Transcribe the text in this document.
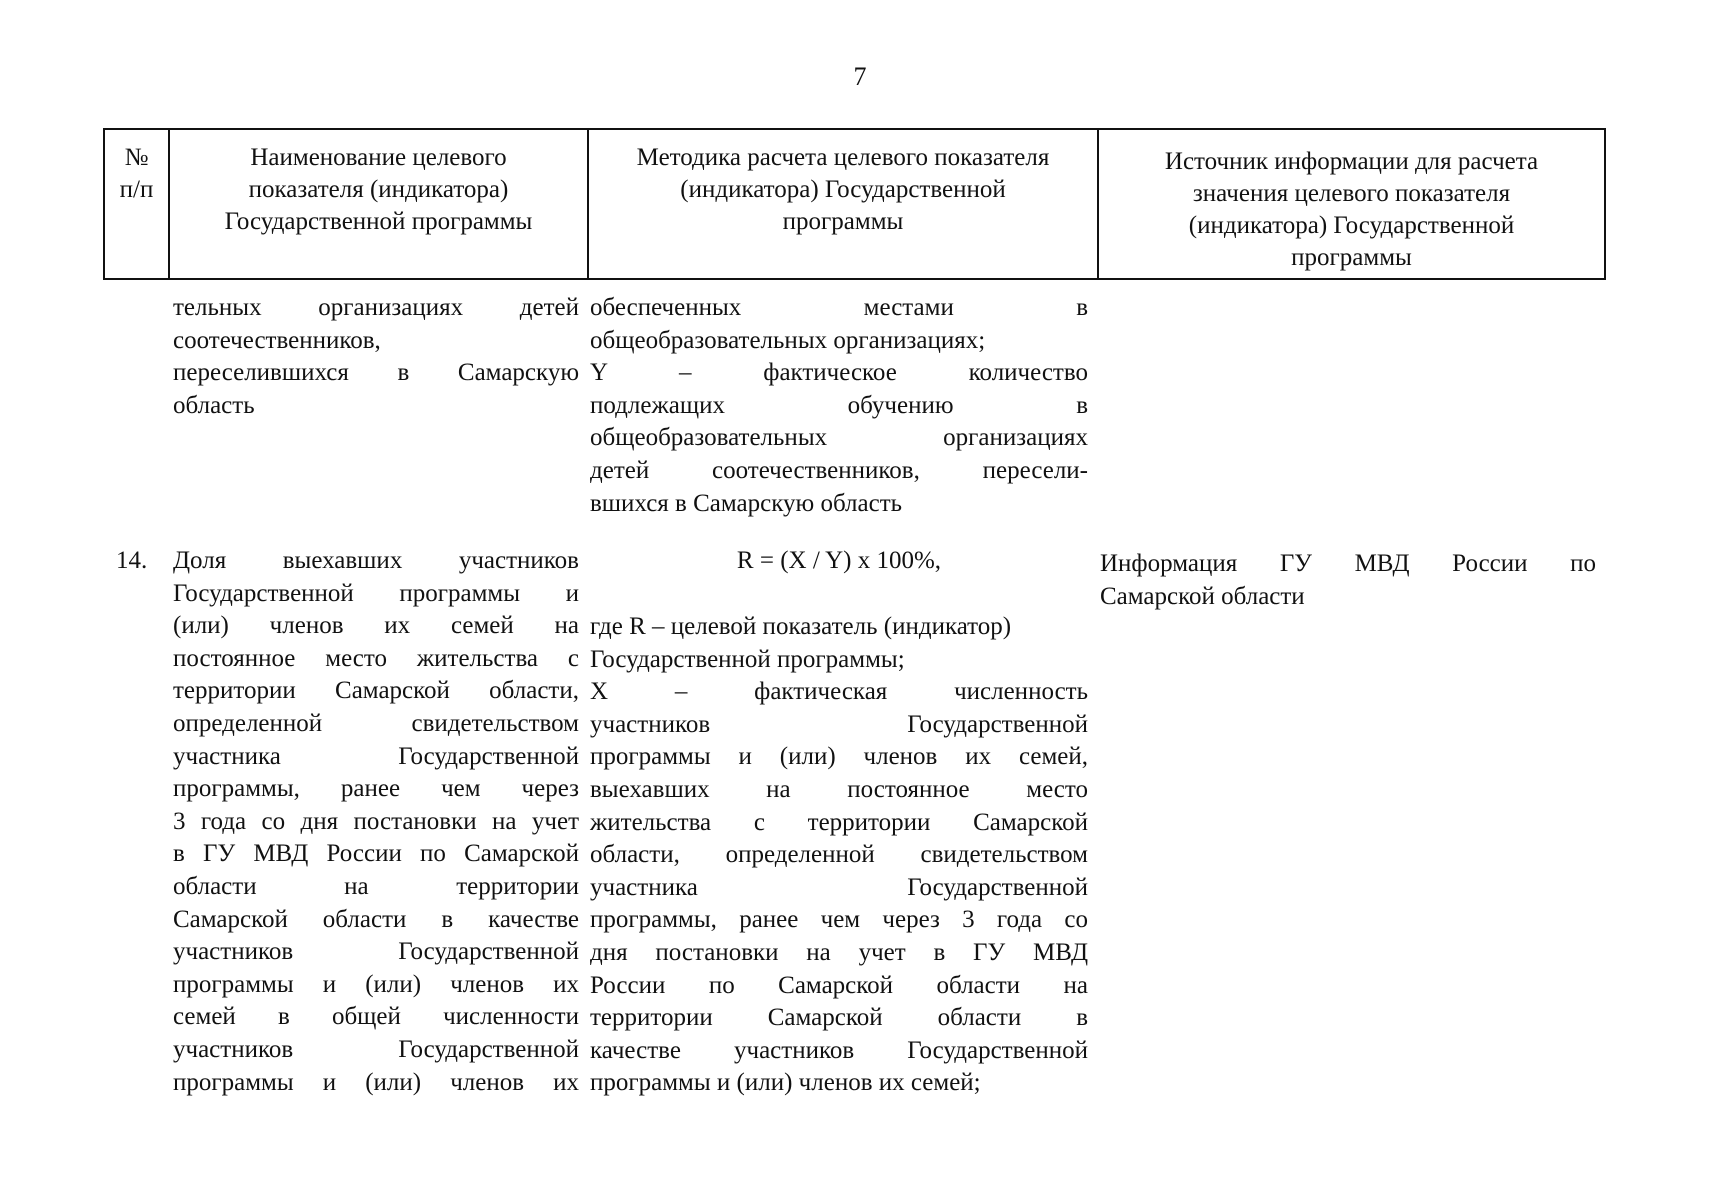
7
№
п/п
Наименование целевого
показателя (индикатора)
Государственной программы
Методика расчета целевого показателя
(индикатора) Государственной
программы
Источник информации для расчета
значения целевого показателя
(индикатора) Государственной
программы
тельных организациях детей
соотечественников,
переселившихся в Самарскую
область
обеспеченных местами в
общеобразовательных организациях;
Y – фактическое количество
подлежащих обучению в
общеобразовательных организациях
детей соотечественников, пересели-
вшихся в Самарскую область
14. Доля выехавших участников
Государственной программы и
(или) членов их семей на
постоянное место жительства с
территории Самарской области,
определенной свидетельством
участника Государственной
программы, ранее чем через
3 года со дня постановки на учет
в ГУ МВД России по Самарской
области на территории
Самарской области в качестве
участников Государственной
программы и (или) членов их
семей в общей численности
участников Государственной
программы и (или) членов их
R = (X / Y) x 100%,
где R – целевой показатель (индикатор)
Государственной программы;
X – фактическая численность
участников Государственной
программы и (или) членов их семей,
выехавших на постоянное место
жительства с территории Самарской
области, определенной свидетельством
участника Государственной
программы, ранее чем через 3 года со
дня постановки на учет в ГУ МВД
России по Самарской области на
территории Самарской области в
качестве участников Государственной
программы и (или) членов их семей;
Информация ГУ МВД России по
Самарской области
